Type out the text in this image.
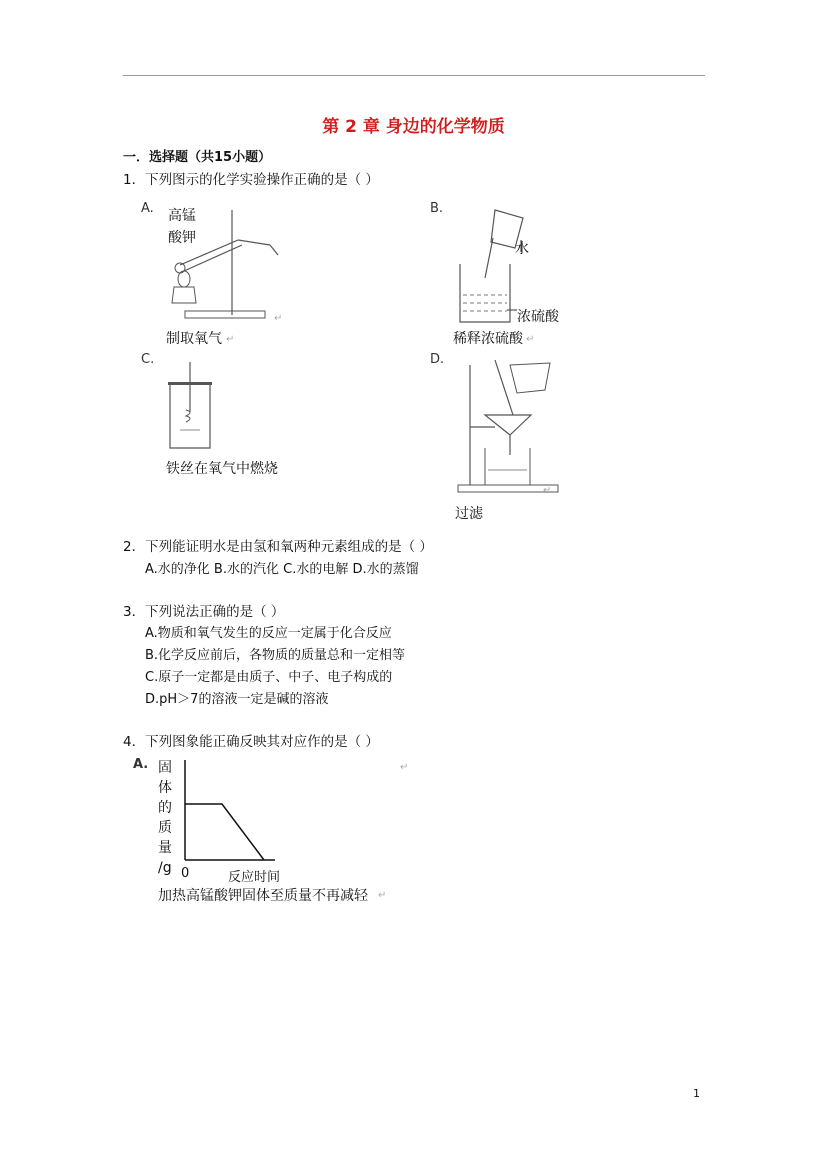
第 2 章 身边的化学物质
一．选择题（共15小题）
1．下列图示的化学实验操作正确的是（ ）
A. 高锰
酸钾
制取氧气 ↵
↵
B.
水
浓硫酸
稀释浓硫酸 ↵
C.
铁丝在氧气中燃烧
D.
过滤
↵
2．下列能证明水是由氢和氧两种元素组成的是（ ）
A.水的净化 B.水的汽化 C.水的电解 D.水的蒸馏
3．下列说法正确的是（ ）
A.物质和氧气发生的反应一定属于化合反应
B.化学反应前后，各物质的质量总和一定相等
C.原子一定都是由质子、中子、电子构成的
D.pH＞7的溶液一定是碱的溶液
4．下列图象能正确反映其对应作的是（ ）
A. 固
体
的
质
量
/g 0	反应时间
加热高锰酸钾固体至质量不再减轻 ↵
↵
1
